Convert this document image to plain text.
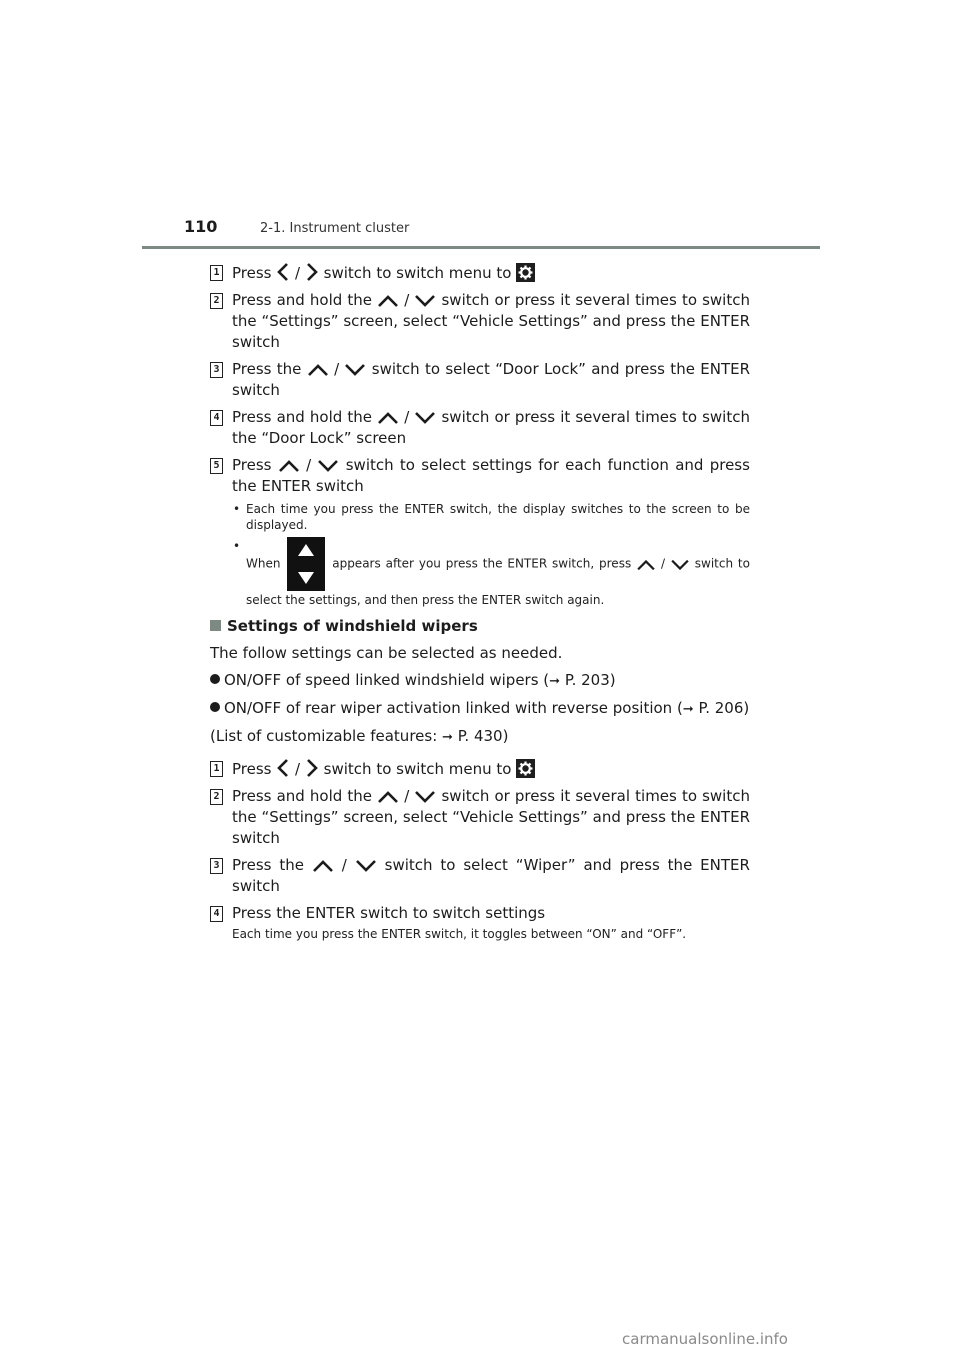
110	2-1. Instrument cluster
1 Press / switch to switch menu to
2 Press and hold the / switch or press it several times to switch the “Settings” screen, select “Vehicle Settings” and press the ENTER switch
3 Press the / switch to select “Door Lock” and press the ENTER switch
4 Press and hold the / switch or press it several times to switch the “Door Lock” screen
5 Press / switch to select settings for each function and press the ENTER switch
• Each time you press the ENTER switch, the display switches to the screen to be displayed.
• When	appears after you press the ENTER switch, press / switch to select the settings, and then press the ENTER switch again.
Settings of windshield wipers
The follow settings can be selected as needed.
ON/OFF of speed linked windshield wipers (➞ P. 203)
ON/OFF of rear wiper activation linked with reverse position (➞ P. 206)
(List of customizable features: ➞ P. 430)
1 Press / switch to switch menu to
2 Press and hold the / switch or press it several times to switch the “Settings” screen, select “Vehicle Settings” and press the ENTER switch
3 Press the	/	switch to select “Wiper” and press the ENTER switch
4 Press the ENTER switch to switch settings
Each time you press the ENTER switch, it toggles between “ON” and “OFF”.
carmanualsonline.info
